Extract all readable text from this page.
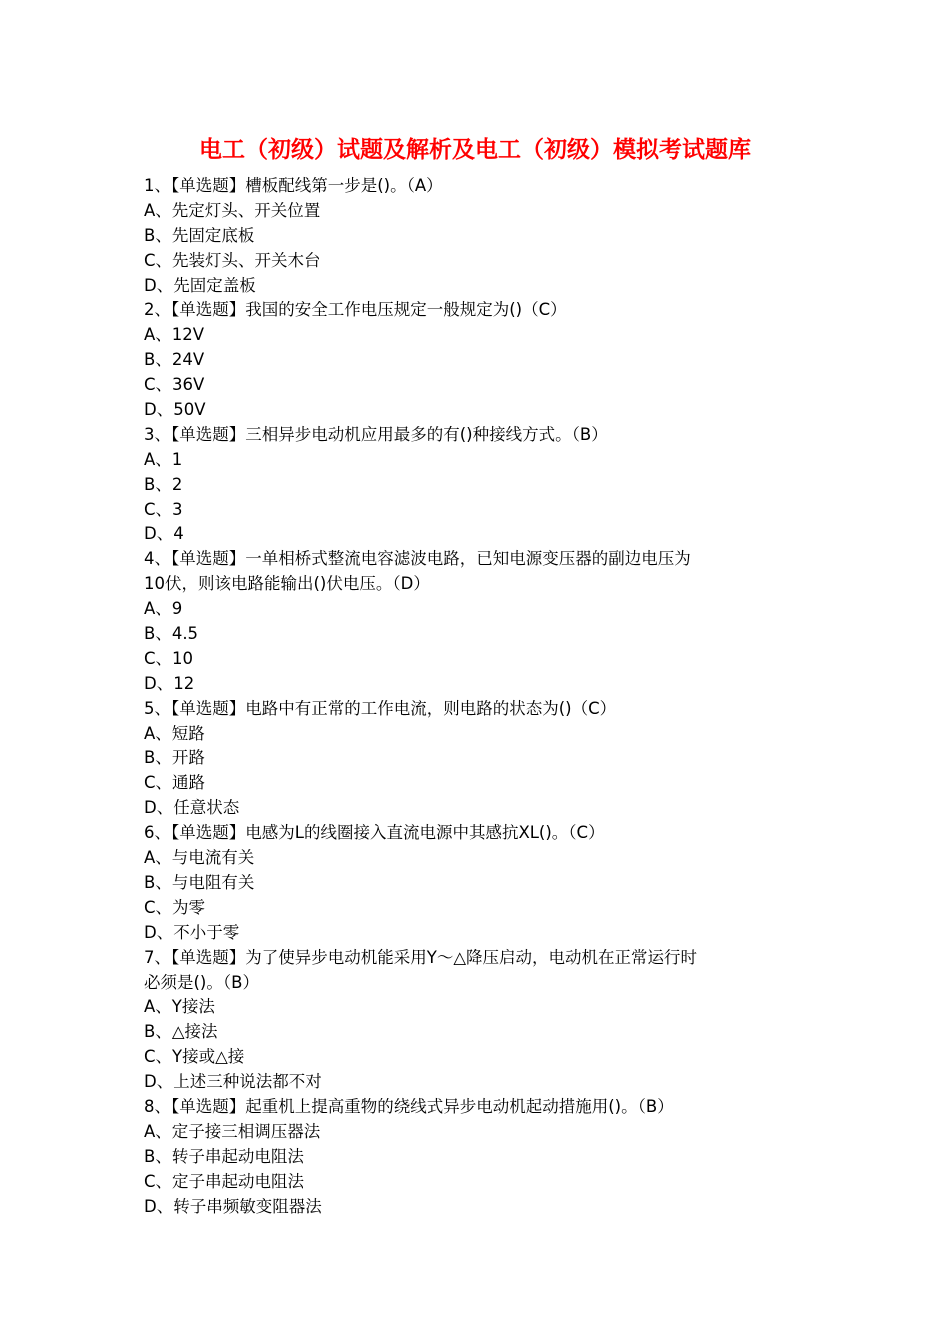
电工（初级）试题及解析及电工（初级）模拟考试题库
1、【单选题】槽板配线第一步是()。（A）
A、先定灯头、开关位置
B、先固定底板
C、先装灯头、开关木台
D、先固定盖板
2、【单选题】我国的安全工作电压规定一般规定为()（C）
A、12V
B、24V
C、36V
D、50V
3、【单选题】三相异步电动机应用最多的有()种接线方式。（B）
A、1
B、2
C、3
D、4
4、【单选题】一单相桥式整流电容滤波电路，已知电源变压器的副边电压为
10伏，则该电路能输出()伏电压。（D）
A、9
B、4.5
C、10
D、12
5、【单选题】电路中有正常的工作电流，则电路的状态为()（C）
A、短路
B、开路
C、通路
D、任意状态
6、【单选题】电感为L的线圈接入直流电源中其感抗XL()。（C）
A、与电流有关
B、与电阻有关
C、为零
D、不小于零
7、【单选题】为了使异步电动机能采用Y～△降压启动，电动机在正常运行时
必须是()。（B）
A、Y接法
B、△接法
C、Y接或△接
D、上述三种说法都不对
8、【单选题】起重机上提高重物的绕线式异步电动机起动措施用()。（B）
A、定子接三相调压器法
B、转子串起动电阻法
C、定子串起动电阻法
D、转子串频敏变阻器法
